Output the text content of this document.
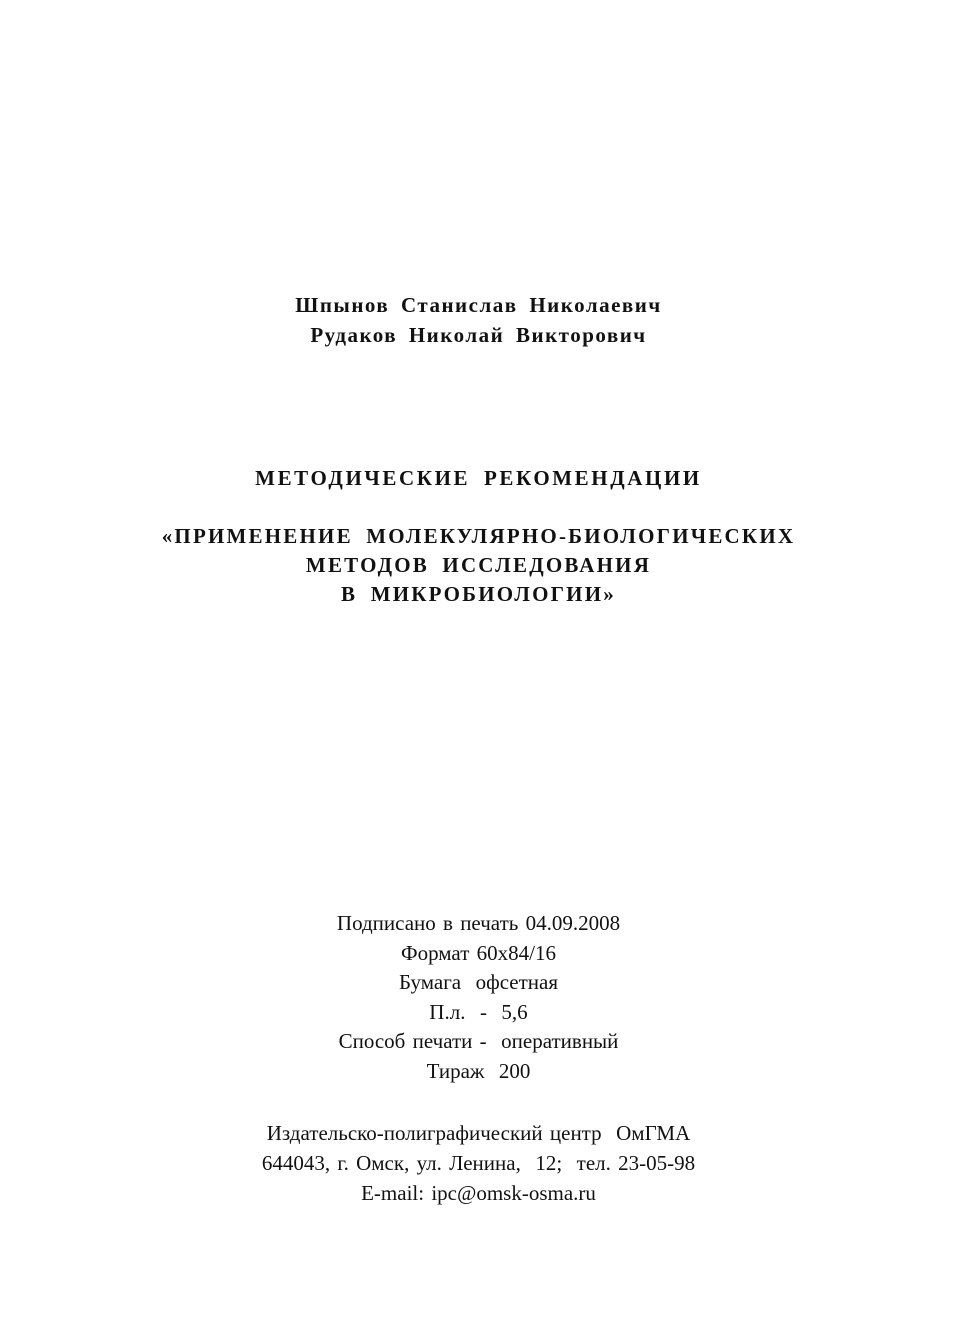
Шпынов Станислав Николаевич
Рудаков Николай Викторович
МЕТОДИЧЕСКИЕ РЕКОМЕНДАЦИИ
«ПРИМЕНЕНИЕ МОЛЕКУЛЯРНО-БИОЛОГИЧЕСКИХ
МЕТОДОВ ИССЛЕДОВАНИЯ
В МИКРОБИОЛОГИИ»
Подписано в печать 04.09.2008
Формат 60х84/16
Бумага  офсетная
П.л.  -  5,6
Способ печати -  оперативный
Тираж  200
Издательско-полиграфический центр  ОмГМА
644043, г. Омск, ул. Ленина,  12;  тел. 23-05-98
E-mail: ipc@omsk-osma.ru
